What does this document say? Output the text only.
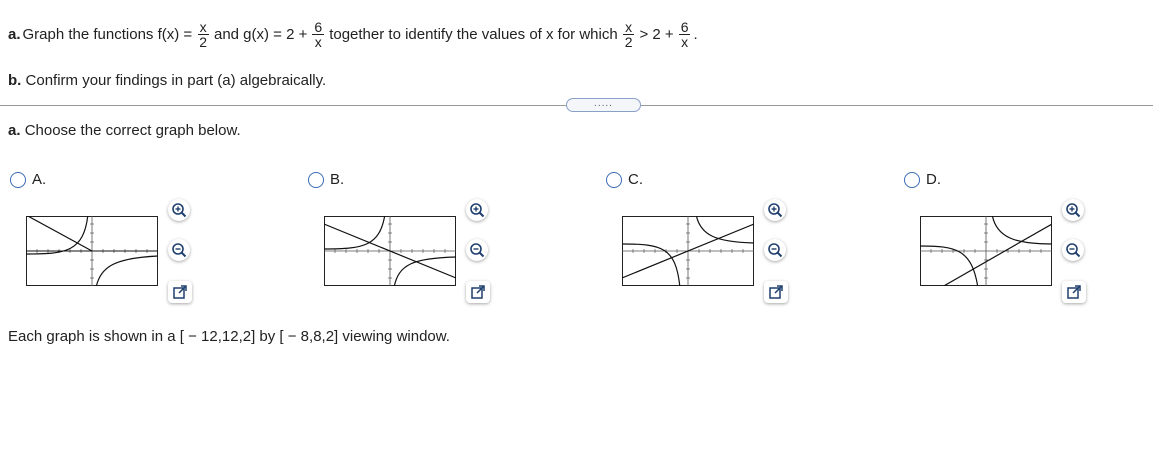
a. Graph the functions $f(x) = \frac{x}{2}$ and $g(x) = 2 + \frac{6}{x}$ together to identify the values of x for which $\frac{x}{2} > 2 + \frac{6}{x}$ .
b. Confirm your findings in part (a) algebraically.
.....
a. Choose the correct graph below.
A.	B.	C.	D.
Each graph is shown in a [ − 12,12,2] by [ − 8,8,2] viewing window.
